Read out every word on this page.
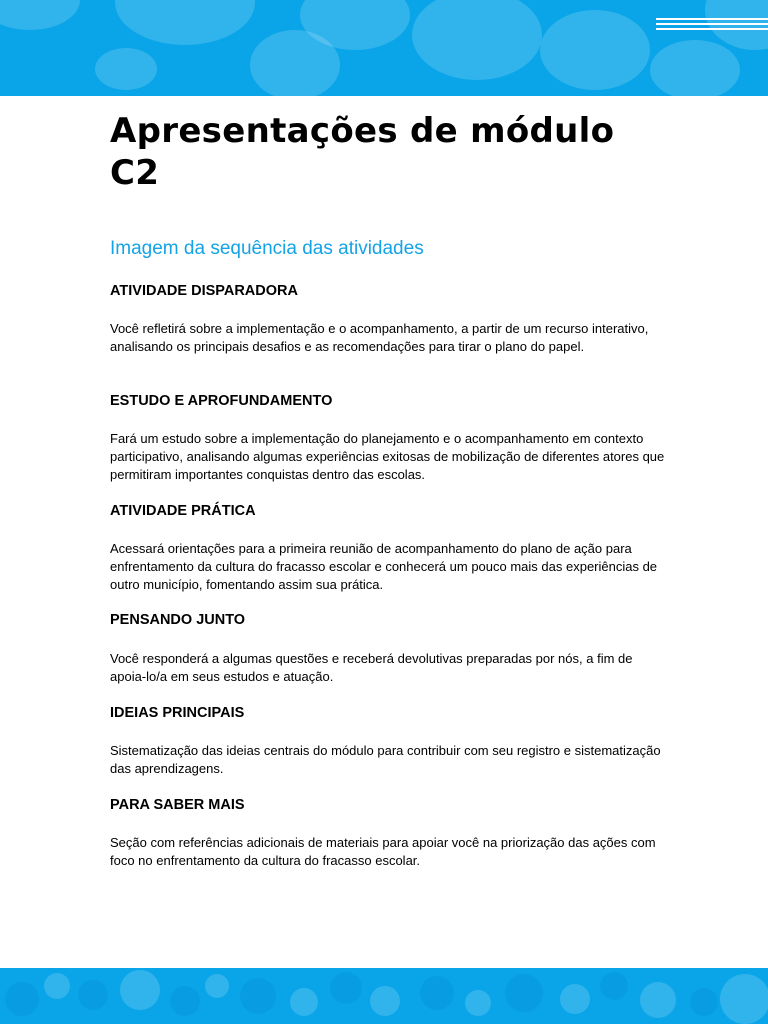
Apresentações de módulo C2
Imagem da sequência das atividades
ATIVIDADE DISPARADORA

Você refletirá sobre a implementação e o acompanhamento, a partir de um recurso interativo, analisando os principais desafios e as recomendações para tirar o plano do papel.

ESTUDO E APROFUNDAMENTO

Fará um estudo sobre a implementação do planejamento e o acompanhamento em contexto participativo, analisando algumas experiências exitosas de mobilização de diferentes atores que permitiram importantes conquistas dentro das escolas.

ATIVIDADE PRÁTICA

Acessará orientações para a primeira reunião de acompanhamento do plano de ação para enfrentamento da cultura do fracasso escolar e conhecerá um pouco mais das experiências de outro município, fomentando assim sua prática.

PENSANDO JUNTO

Você responderá a algumas questões e receberá devolutivas preparadas por nós, a fim de apoia-lo/a em seus estudos e atuação.

IDEIAS PRINCIPAIS

Sistematização das ideias centrais do módulo para contribuir com seu registro e sistematização das aprendizagens.

PARA SABER MAIS

Seção com referências adicionais de materiais para apoiar você na priorização das ações com foco no enfrentamento da cultura do fracasso escolar.
